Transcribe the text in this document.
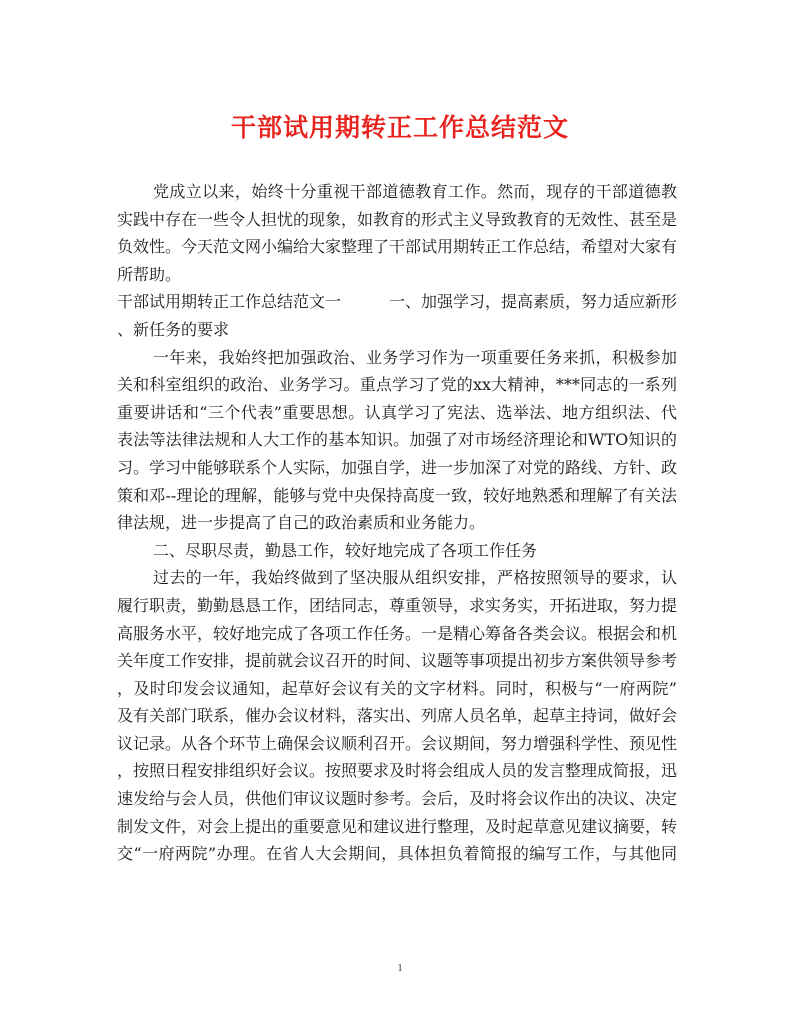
干部试用期转正工作总结范文
党成立以来，始终十分重视干部道德教育工作。然而，现存的干部道德教
实践中存在一些令人担忧的现象，如教育的形式主义导致教育的无效性、甚至是
负效性。今天范文网小编给大家整理了干部试用期转正工作总结，希望对大家有
所帮助。
干部试用期转正工作总结范文一　　　一、加强学习，提高素质，努力适应新形
、新任务的要求
一年来，我始终把加强政治、业务学习作为一项重要任务来抓，积极参加
关和科室组织的政治、业务学习。重点学习了党的xx大精神，***同志的一系列
重要讲话和“三个代表”重要思想。认真学习了宪法、选举法、地方组织法、代
表法等法律法规和人大工作的基本知识。加强了对市场经济理论和WTO知识的
习。学习中能够联系个人实际，加强自学，进一步加深了对党的路线、方针、政
策和邓--理论的理解，能够与党中央保持高度一致，较好地熟悉和理解了有关法
律法规，进一步提高了自己的政治素质和业务能力。
二、尽职尽责，勤恳工作，较好地完成了各项工作任务
过去的一年，我始终做到了坚决服从组织安排，严格按照领导的要求，认
履行职责，勤勤恳恳工作，团结同志，尊重领导，求实务实，开拓进取，努力提
高服务水平，较好地完成了各项工作任务。一是精心筹备各类会议。根据会和机
关年度工作安排，提前就会议召开的时间、议题等事项提出初步方案供领导参考
，及时印发会议通知，起草好会议有关的文字材料。同时，积极与“一府两院”
及有关部门联系，催办会议材料，落实出、列席人员名单，起草主持词，做好会
议记录。从各个环节上确保会议顺利召开。会议期间，努力增强科学性、预见性
，按照日程安排组织好会议。按照要求及时将会组成人员的发言整理成简报，迅
速发给与会人员，供他们审议议题时参考。会后，及时将会议作出的决议、决定
制发文件，对会上提出的重要意见和建议进行整理，及时起草意见建议摘要，转
交“一府两院”办理。在省人大会期间，具体担负着简报的编写工作，与其他同
1
